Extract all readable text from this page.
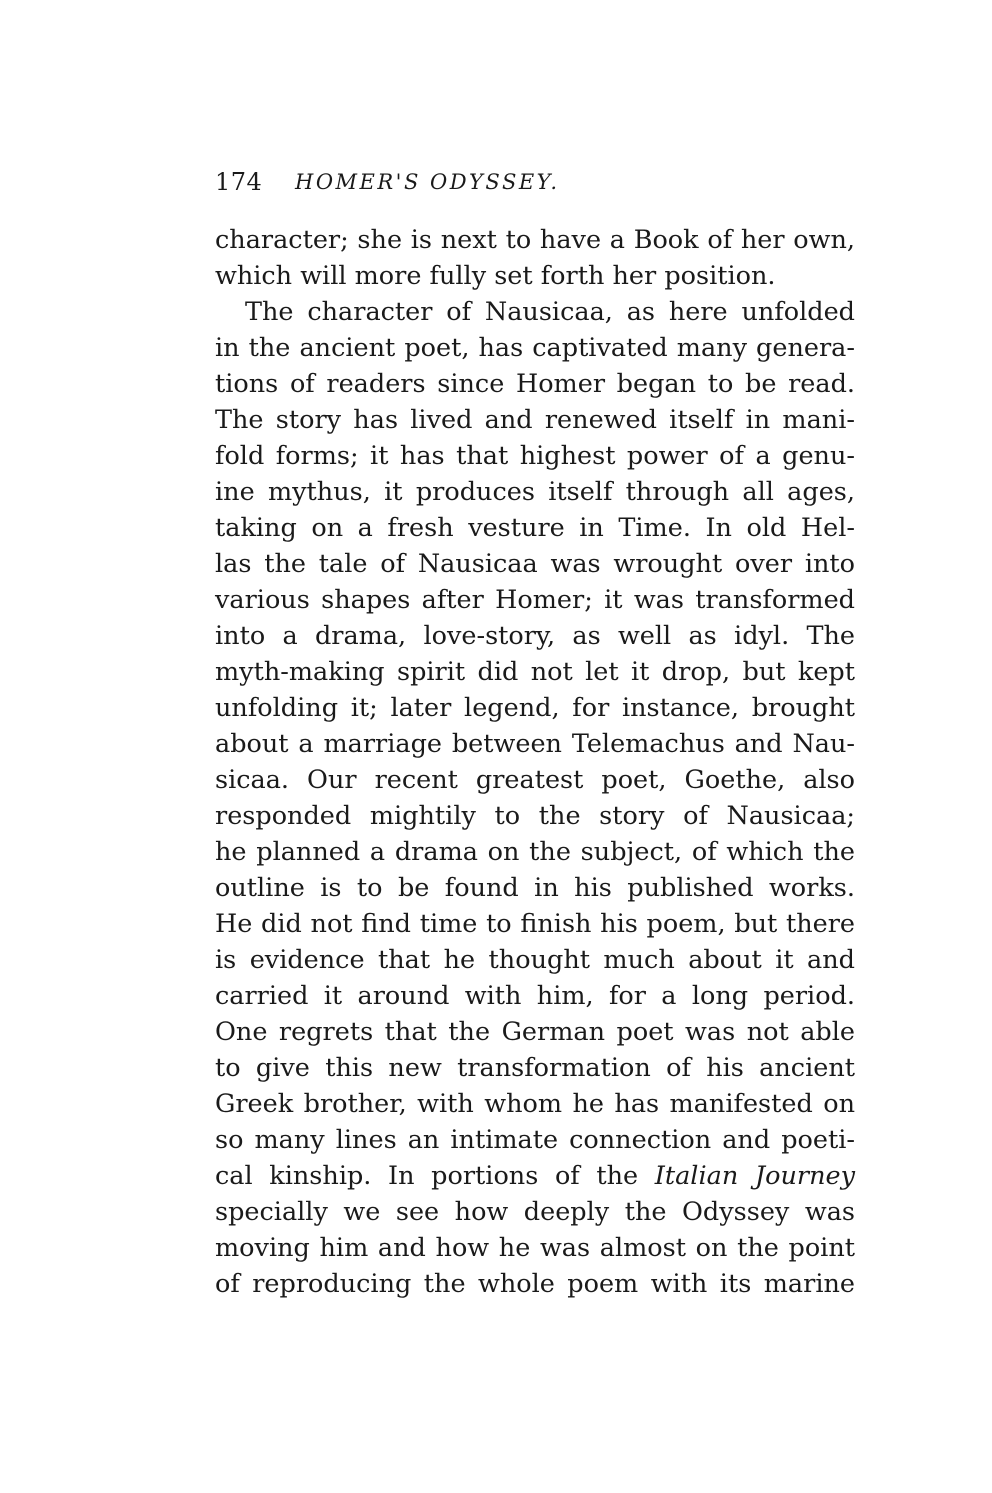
174 HOMER'S ODYSSEY.
character; she is next to have a Book of her own,
which will more fully set forth her position.
The character of Nausicaa, as here unfolded
in the ancient poet, has captivated many genera-
tions of readers since Homer began to be read.
The story has lived and renewed itself in mani-
fold forms; it has that highest power of a genu-
ine mythus, it produces itself through all ages,
taking on a fresh vesture in Time. In old Hel-
las the tale of Nausicaa was wrought over into
various shapes after Homer; it was transformed
into a drama, love-story, as well as idyl. The
myth-making spirit did not let it drop, but kept
unfolding it; later legend, for instance, brought
about a marriage between Telemachus and Nau-
sicaa. Our recent greatest poet, Goethe, also
responded mightily to the story of Nausicaa;
he planned a drama on the subject, of which the
outline is to be found in his published works.
He did not find time to finish his poem, but there
is evidence that he thought much about it and
carried it around with him, for a long period.
One regrets that the German poet was not able
to give this new transformation of his ancient
Greek brother, with whom he has manifested on
so many lines an intimate connection and poeti-
cal kinship. In portions of the Italian Journey
specially we see how deeply the Odyssey was
moving him and how he was almost on the point
of reproducing the whole poem with its marine
